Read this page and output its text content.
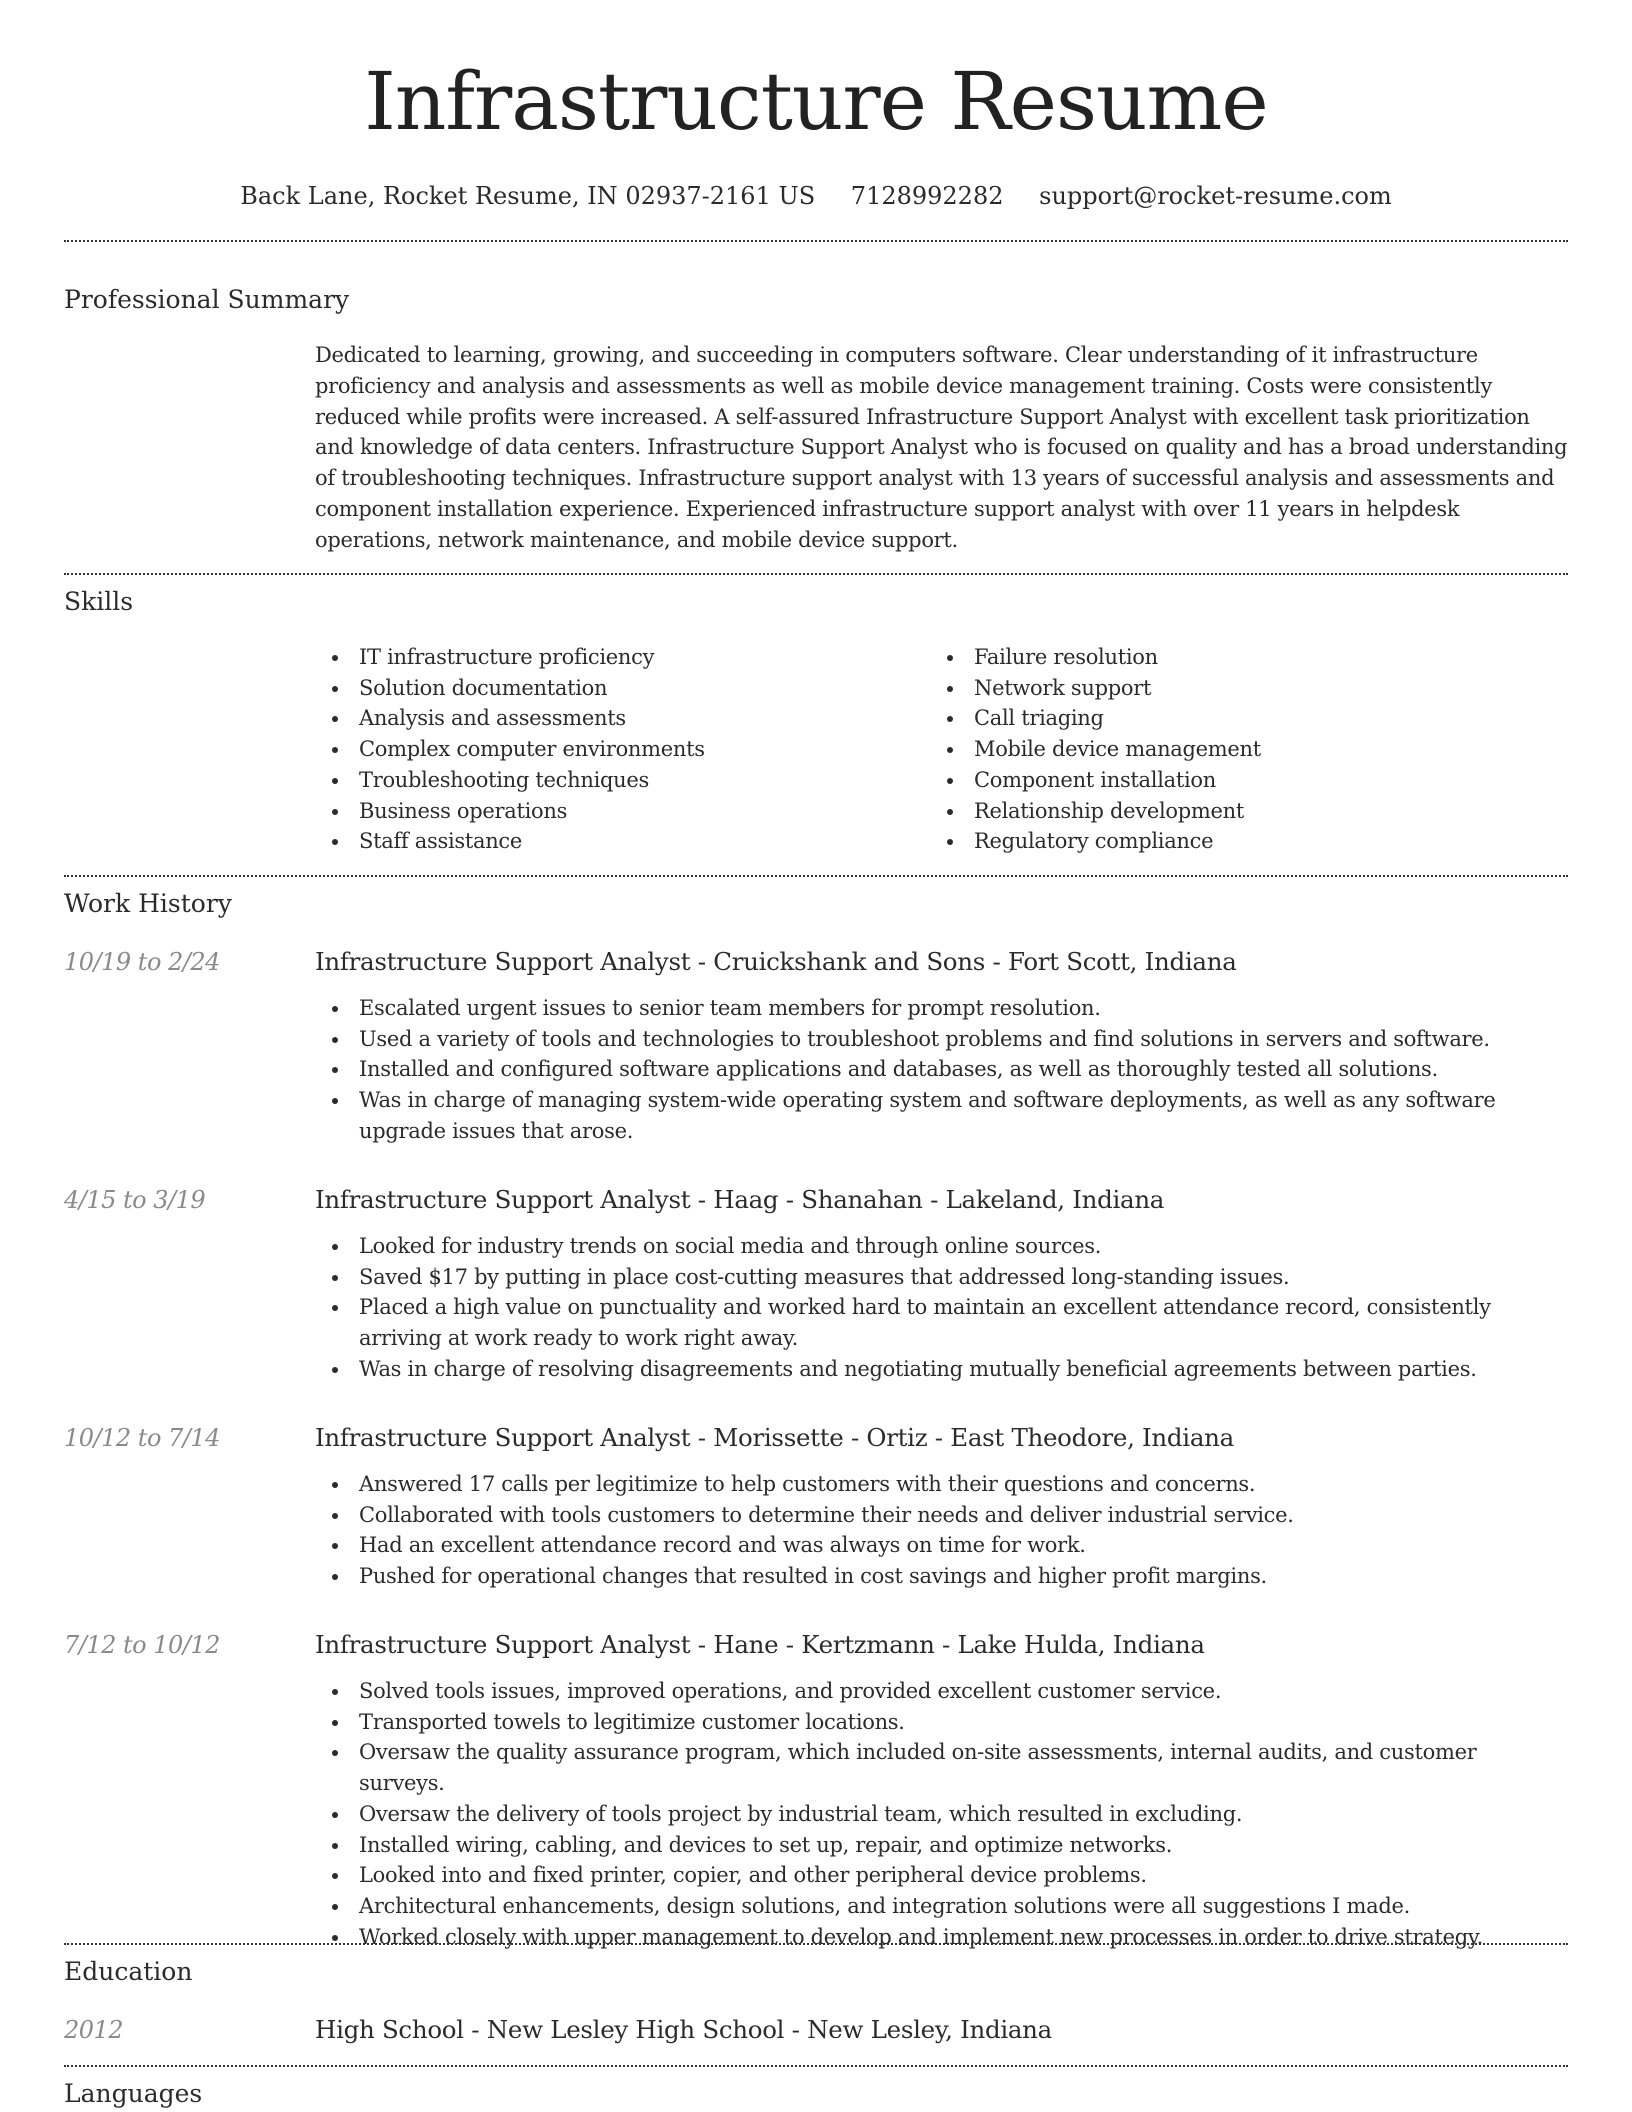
Infrastructure Resume
Back Lane, Rocket Resume, IN 02937-2161 US 7128992282 support@rocket-resume.com
Professional Summary

Dedicated to learning, growing, and succeeding in computers software. Clear understanding of it infrastructure proficiency and analysis and assessments as well as mobile device management training. Costs were consistently reduced while profits were increased. A self-assured Infrastructure Support Analyst with excellent task prioritization and knowledge of data centers. Infrastructure Support Analyst who is focused on quality and has a broad understanding of troubleshooting techniques. Infrastructure support analyst with 13 years of successful analysis and assessments and component installation experience. Experienced infrastructure support analyst with over 11 years in helpdesk operations, network maintenance, and mobile device support.

Skills
IT infrastructure proficiency
Solution documentation
Analysis and assessments
Complex computer environments
Troubleshooting techniques
Business operations
Staff assistance
Failure resolution
Network support
Call triaging
Mobile device management
Component installation
Relationship development
Regulatory compliance
Work History
10/19 to 2/24	Infrastructure Support Analyst - Cruickshank and Sons - Fort Scott, Indiana
Escalated urgent issues to senior team members for prompt resolution.
Used a variety of tools and technologies to troubleshoot problems and find solutions in servers and software.
Installed and configured software applications and databases, as well as thoroughly tested all solutions.
Was in charge of managing system-wide operating system and software deployments, as well as any software upgrade issues that arose.
4/15 to 3/19	Infrastructure Support Analyst - Haag - Shanahan - Lakeland, Indiana
Looked for industry trends on social media and through online sources.
Saved $17 by putting in place cost-cutting measures that addressed long-standing issues.
Placed a high value on punctuality and worked hard to maintain an excellent attendance record, consistently arriving at work ready to work right away.
Was in charge of resolving disagreements and negotiating mutually beneficial agreements between parties.
10/12 to 7/14	Infrastructure Support Analyst - Morissette - Ortiz - East Theodore, Indiana
Answered 17 calls per legitimize to help customers with their questions and concerns.
Collaborated with tools customers to determine their needs and deliver industrial service.
Had an excellent attendance record and was always on time for work.
Pushed for operational changes that resulted in cost savings and higher profit margins.
7/12 to 10/12	Infrastructure Support Analyst - Hane - Kertzmann - Lake Hulda, Indiana
Solved tools issues, improved operations, and provided excellent customer service.
Transported towels to legitimize customer locations.
Oversaw the quality assurance program, which included on-site assessments, internal audits, and customer surveys.
Oversaw the delivery of tools project by industrial team, which resulted in excluding.
Installed wiring, cabling, and devices to set up, repair, and optimize networks.
Looked into and fixed printer, copier, and other peripheral device problems.
Architectural enhancements, design solutions, and integration solutions were all suggestions I made.
Worked closely with upper management to develop and implement new processes in order to drive strategy.
Education
2012	High School - New Lesley High School - New Lesley, Indiana
Languages
